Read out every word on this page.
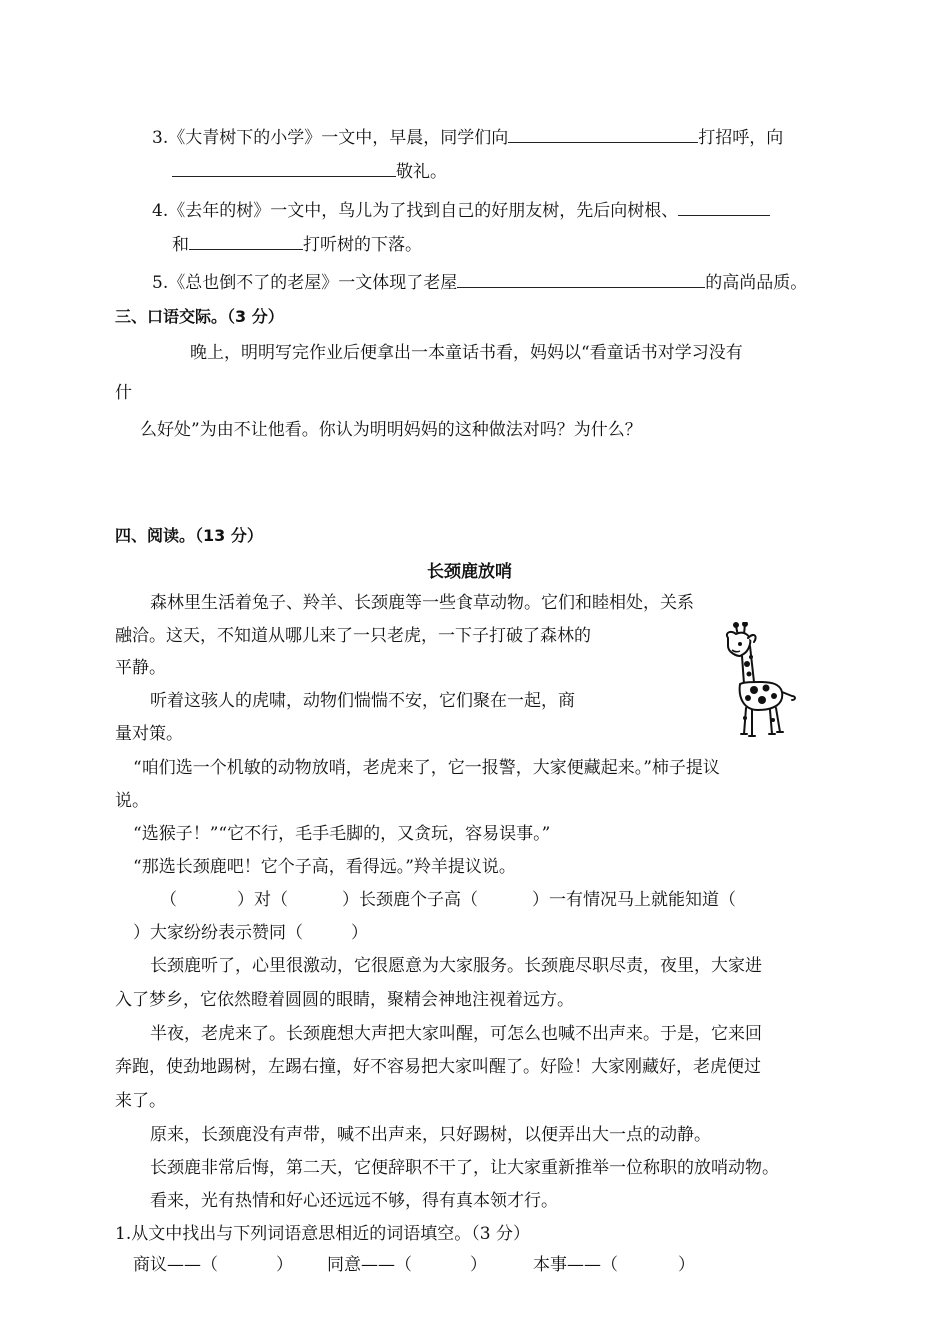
3.《大青树下的小学》一文中，早晨，同学们向	打招呼，向
敬礼。
4.《去年的树》一文中，鸟儿为了找到自己的好朋友树，先后向树根、
和	打听树的下落。
5.《总也倒不了的老屋》一文体现了老屋	的高尚品质。
三、口语交际。（3 分）
晚上，明明写完作业后便拿出一本童话书看，妈妈以“看童话书对学习没有
什
么好处”为由不让他看。你认为明明妈妈的这种做法对吗？为什么？
四、阅读。（13 分）
长颈鹿放哨
森林里生活着兔子、羚羊、长颈鹿等一些食草动物。它们和睦相处，关系
融洽。这天，不知道从哪儿来了一只老虎，一下子打破了森林的
平静。
听着这骇人的虎啸，动物们惴惴不安，它们聚在一起，商
量对策。
“咱们选一个机敏的动物放哨，老虎来了，它一报警，大家便藏起来。”柿子提议
说。
“选猴子！”“它不行，毛手毛脚的，又贪玩，容易误事。”
“那选长颈鹿吧！它个子高，看得远。”羚羊提议说。
（	）对（	）长颈鹿个子高（	）一有情况马上就能知道（
）大家纷纷表示赞同（	）
长颈鹿听了，心里很激动，它很愿意为大家服务。长颈鹿尽职尽责，夜里，大家进
入了梦乡，它依然瞪着圆圆的眼睛，聚精会神地注视着远方。
半夜，老虎来了。长颈鹿想大声把大家叫醒，可怎么也喊不出声来。于是，它来回
奔跑，使劲地踢树，左踢右撞，好不容易把大家叫醒了。好险！大家刚藏好，老虎便过
来了。
原来，长颈鹿没有声带，喊不出声来，只好踢树，以便弄出大一点的动静。
长颈鹿非常后悔，第二天，它便辞职不干了，让大家重新推举一位称职的放哨动物。
看来，光有热情和好心还远远不够，得有真本领才行。
1.从文中找出与下列词语意思相近的词语填空。（3 分）
商议——（	） 同意——（	）	本事——（	）
